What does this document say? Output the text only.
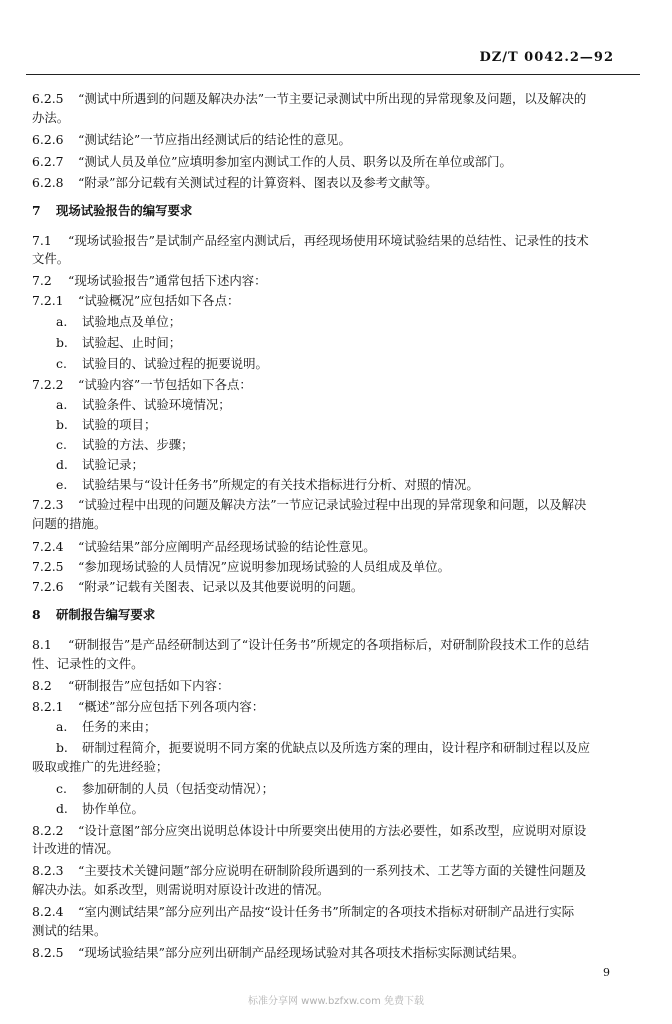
DZ/T 0042.2—92
6.2.5 “测试中所遇到的问题及解决办法”一节主要记录测试中所出现的异常现象及问题，以及解决的
办法。
6.2.6 “测试结论”一节应指出经测试后的结论性的意见。
6.2.7 “测试人员及单位”应填明参加室内测试工作的人员、职务以及所在单位或部门。
6.2.8 “附录”部分记载有关测试过程的计算资料、图表以及参考文献等。
7 现场试验报告的编写要求
7.1 “现场试验报告”是试制产品经室内测试后，再经现场使用环境试验结果的总结性、记录性的技术
文件。
7.2 “现场试验报告”通常包括下述内容：
7.2.1 “试验概况”应包括如下各点：
a. 试验地点及单位；
b. 试验起、止时间；
c. 试验目的、试验过程的扼要说明。
7.2.2 “试验内容”一节包括如下各点：
a. 试验条件、试验环境情况；
b. 试验的项目；
c. 试验的方法、步骤；
d. 试验记录；
e. 试验结果与“设计任务书”所规定的有关技术指标进行分析、对照的情况。
7.2.3 “试验过程中出现的问题及解决方法”一节应记录试验过程中出现的异常现象和问题，以及解决
问题的措施。
7.2.4 “试验结果”部分应阐明产品经现场试验的结论性意见。
7.2.5 “参加现场试验的人员情况”应说明参加现场试验的人员组成及单位。
7.2.6 “附录”记载有关图表、记录以及其他要说明的问题。
8 研制报告编写要求
8.1 “研制报告”是产品经研制达到了“设计任务书”所规定的各项指标后，对研制阶段技术工作的总结
性、记录性的文件。
8.2 “研制报告”应包括如下内容：
8.2.1 “概述”部分应包括下列各项内容：
a. 任务的来由；
b. 研制过程简介，扼要说明不同方案的优缺点以及所选方案的理由，设计程序和研制过程以及应
吸取或推广的先进经验；
c. 参加研制的人员（包括变动情况）；
d. 协作单位。
8.2.2 “设计意图”部分应突出说明总体设计中所要突出使用的方法必要性，如系改型，应说明对原设
计改进的情况。
8.2.3 “主要技术关键问题”部分应说明在研制阶段所遇到的一系列技术、工艺等方面的关键性问题及
解决办法。如系改型，则需说明对原设计改进的情况。
8.2.4 “室内测试结果”部分应列出产品按“设计任务书”所制定的各项技术指标对研制产品进行实际
测试的结果。
8.2.5 “现场试验结果”部分应列出研制产品经现场试验对其各项技术指标实际测试结果。
9
标准分享网 www.bzfxw.com 免费下载
